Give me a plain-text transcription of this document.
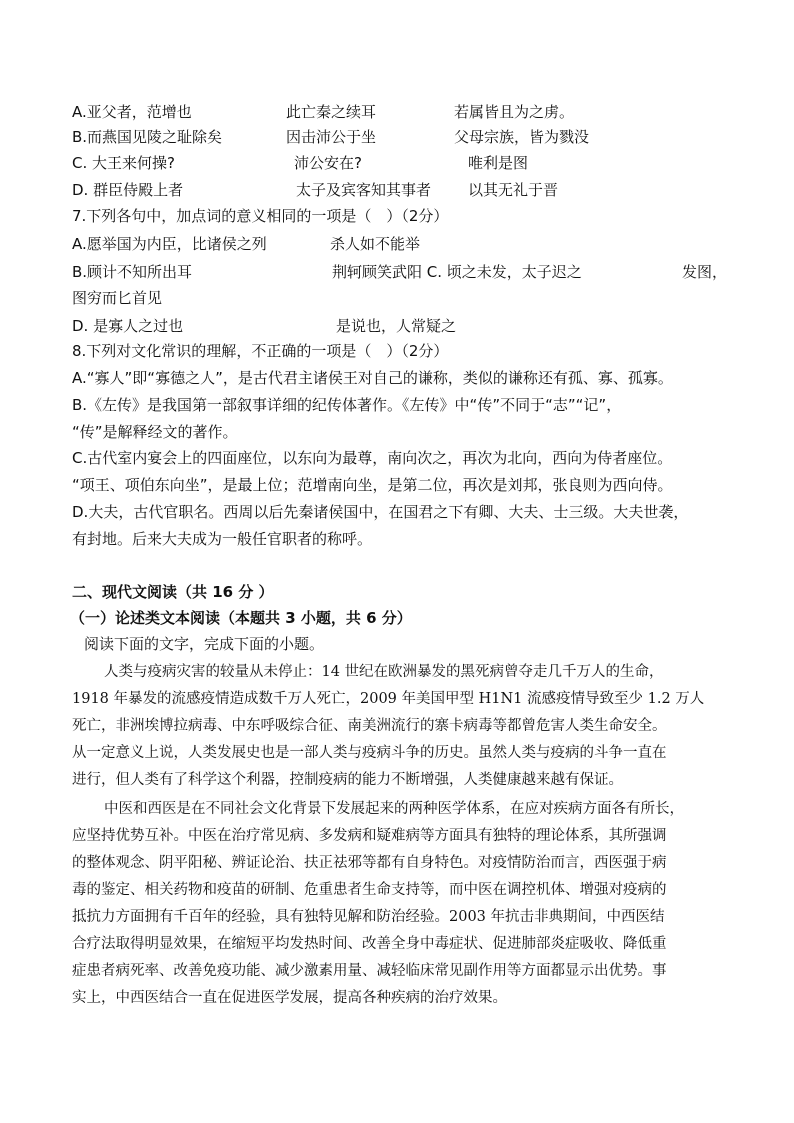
A.亚父者，范增也	此亡秦之续耳	若属皆且为之虏。
B.而燕国见陵之耻除矣	因击沛公于坐	父母宗族，皆为戮没
C. 大王来何操?	沛公安在?	唯利是图
D. 群臣侍殿上者	太子及宾客知其事者 以其无礼于晋
7.下列各句中，加点词的意义相同的一项是（　）（2分）
A.愿举国为内臣，比诸侯之列	杀人如不能举
B.顾计不知所出耳	荆轲顾笑武阳 C. 顷之未发，太子迟之	发图，
图穷而匕首见
D. 是寡人之过也	是说也，人常疑之
8.下列对文化常识的理解，不正确的一项是（　）（2分）
A.“寡人”即“寡德之人”，是古代君主诸侯王对自己的谦称，类似的谦称还有孤、寡、孤寡。
B.《左传》是我国第一部叙事详细的纪传体著作。《左传》中“传”不同于“志”“记”，
“传”是解释经文的著作。
C.古代室内宴会上的四面座位，以东向为最尊，南向次之，再次为北向，西向为侍者座位。
“项王、项伯东向坐”，是最上位；范增南向坐，是第二位，再次是刘邦，张良则为西向侍。
D.大夫，古代官职名。西周以后先秦诸侯国中，在国君之下有卿、大夫、士三级。大夫世袭，
有封地。后来大夫成为一般任官职者的称呼。
二、现代文阅读（共 16 分 ）
（一）论述类文本阅读（本题共 3 小题，共 6 分）
阅读下面的文字，完成下面的小题。
人类与疫病灾害的较量从未停止：14 世纪在欧洲暴发的黑死病曾夺走几千万人的生命，
1918 年暴发的流感疫情造成数千万人死亡，2009 年美国甲型 H1N1 流感疫情导致至少 1.2 万人
死亡，非洲埃博拉病毒、中东呼吸综合征、南美洲流行的寨卡病毒等都曾危害人类生命安全。
从一定意义上说，人类发展史也是一部人类与疫病斗争的历史。虽然人类与疫病的斗争一直在
进行，但人类有了科学这个利器，控制疫病的能力不断增强，人类健康越来越有保证。
中医和西医是在不同社会文化背景下发展起来的两种医学体系，在应对疾病方面各有所长，
应坚持优势互补。中医在治疗常见病、多发病和疑难病等方面具有独特的理论体系，其所强调
的整体观念、阴平阳秘、辨证论治、扶正祛邪等都有自身特色。对疫情防治而言，西医强于病
毒的鉴定、相关药物和疫苗的研制、危重患者生命支持等，而中医在调控机体、增强对疫病的
抵抗力方面拥有千百年的经验，具有独特见解和防治经验。2003 年抗击非典期间，中西医结
合疗法取得明显效果，在缩短平均发热时间、改善全身中毒症状、促进肺部炎症吸收、降低重
症患者病死率、改善免疫功能、减少激素用量、减轻临床常见副作用等方面都显示出优势。事
实上，中西医结合一直在促进医学发展，提高各种疾病的治疗效果。
